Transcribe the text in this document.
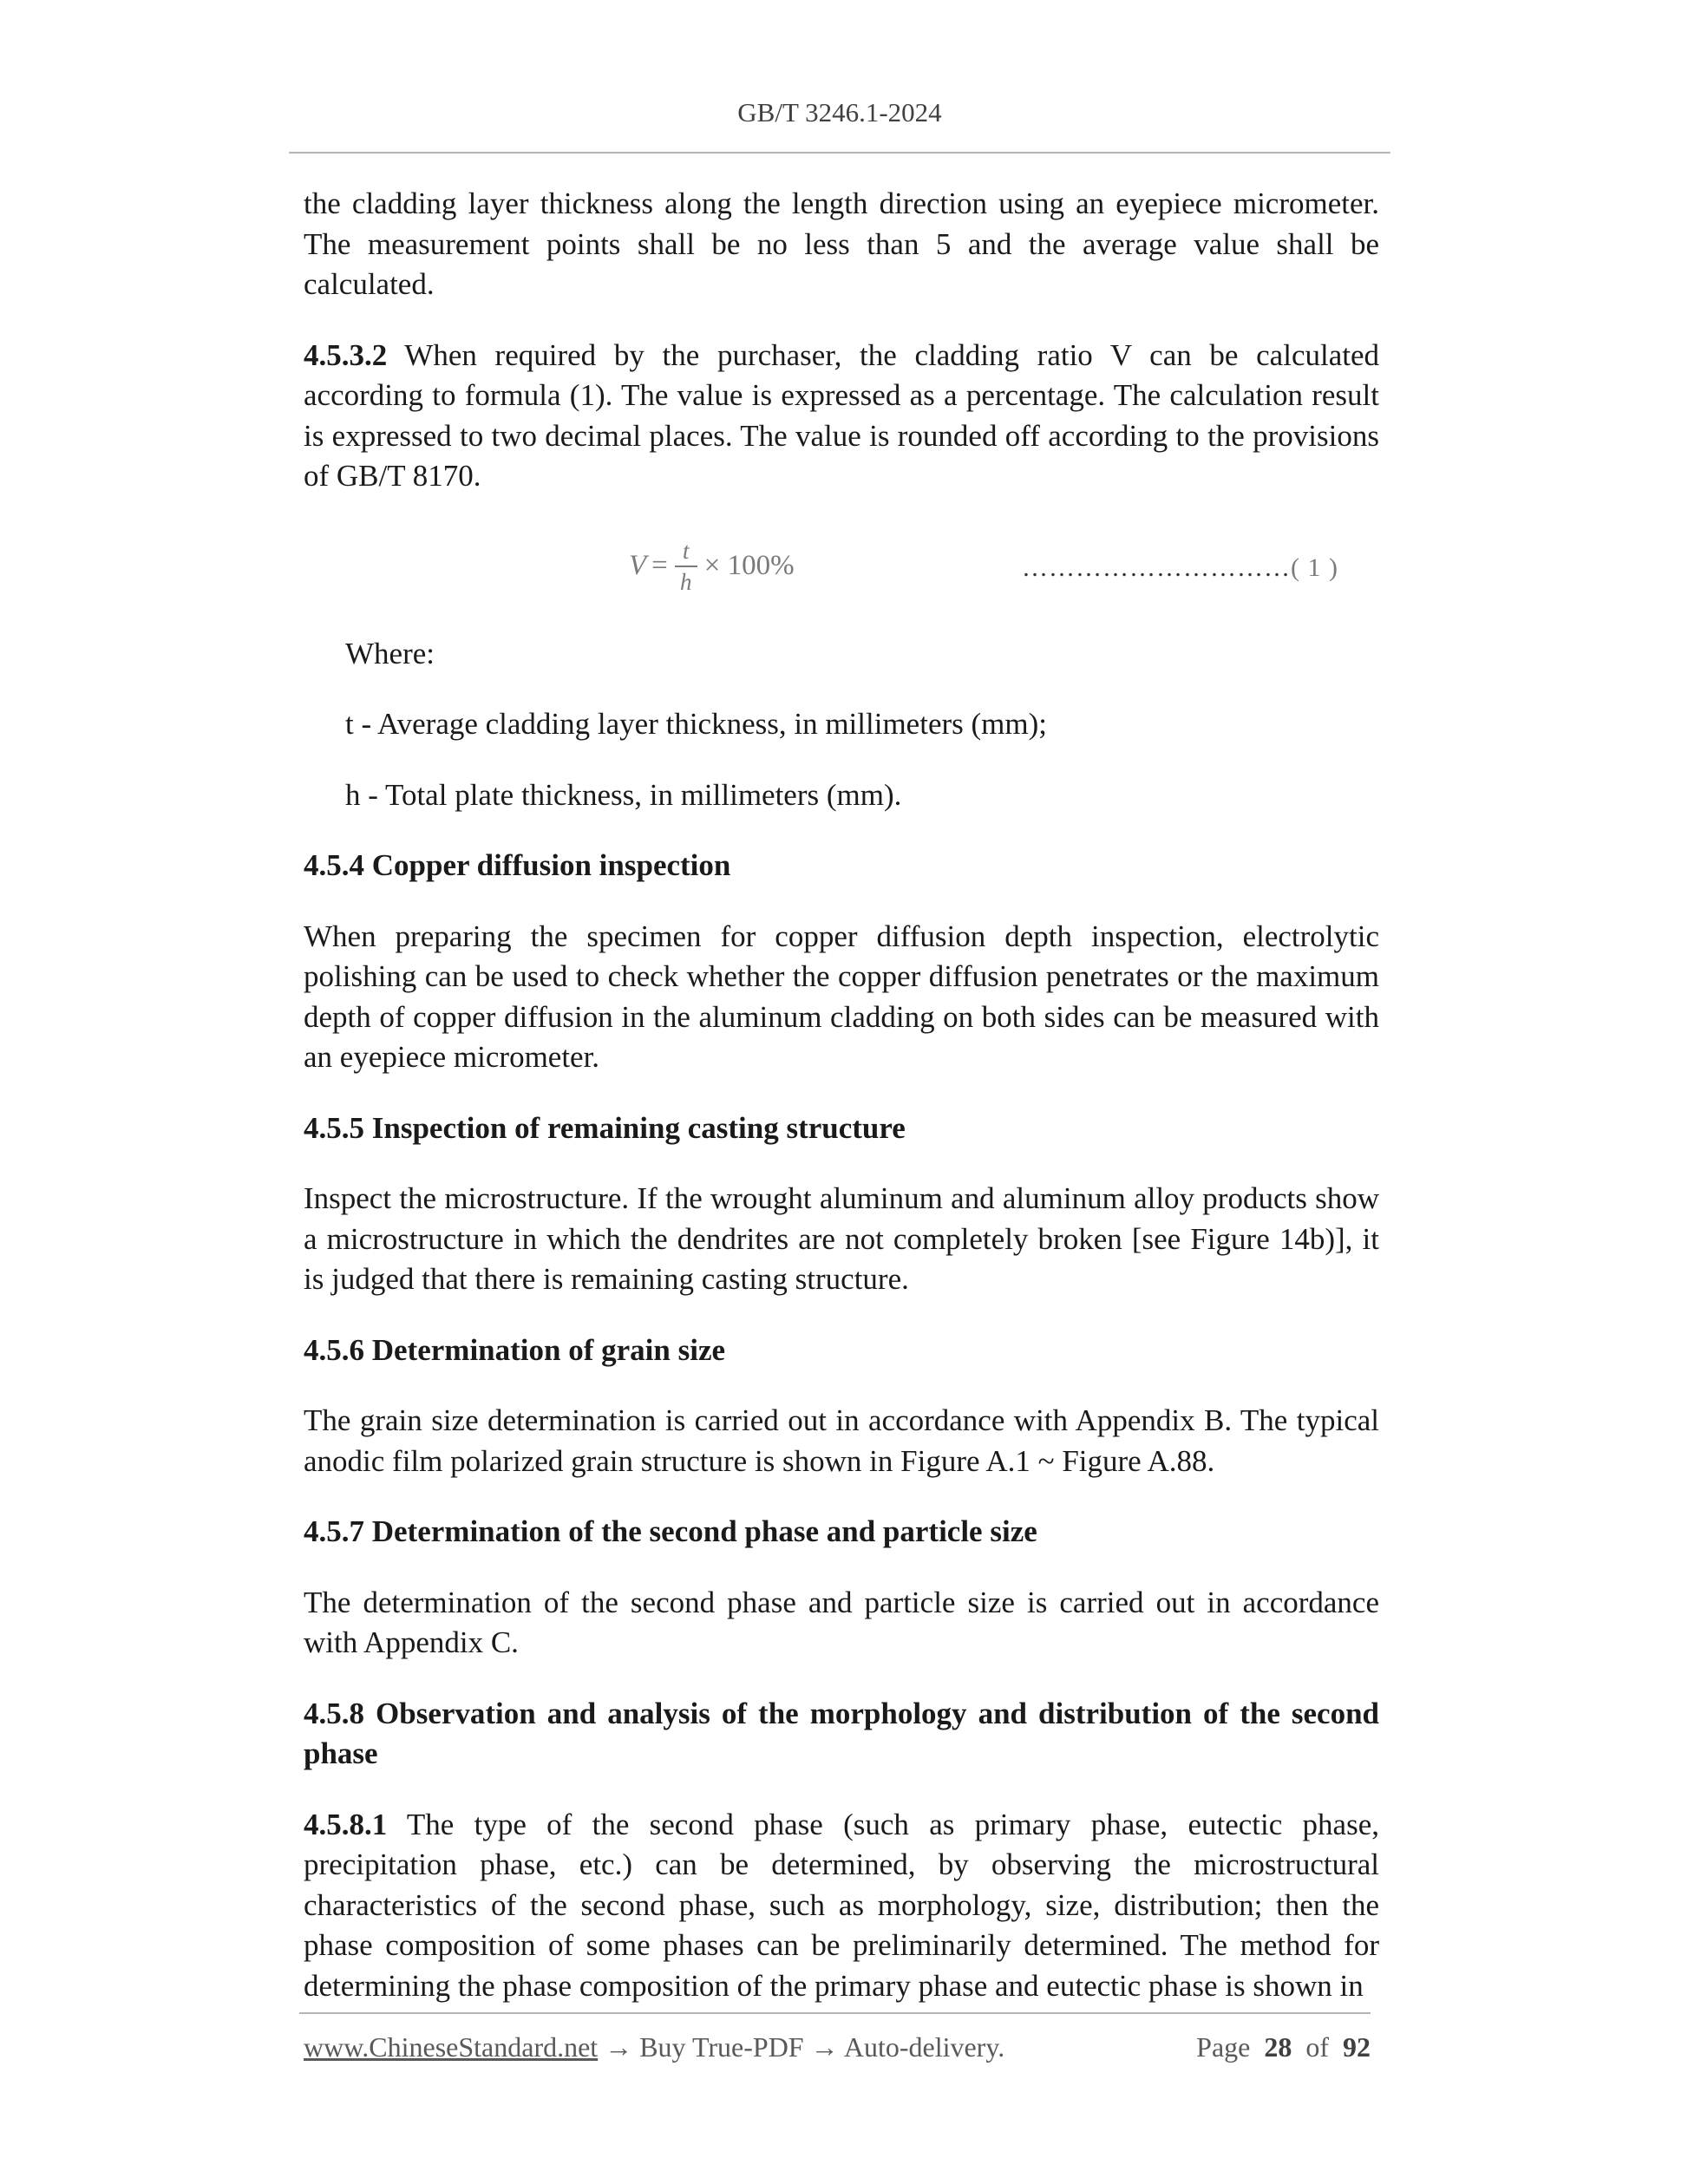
GB/T 3246.1-2024

the cladding layer thickness along the length direction using an eyepiece micrometer. The measurement points shall be no less than 5 and the average value shall be calculated.

4.5.3.2 When required by the purchaser, the cladding ratio V can be calculated according to formula (1). The value is expressed as a percentage. The calculation result is expressed to two decimal places. The value is rounded off according to the provisions of GB/T 8170.

$V = \frac{t}{h} \times 100\%$	…………………………( 1 )

Where:

t - Average cladding layer thickness, in millimeters (mm);

h - Total plate thickness, in millimeters (mm).

4.5.4 Copper diffusion inspection

When preparing the specimen for copper diffusion depth inspection, electrolytic polishing can be used to check whether the copper diffusion penetrates or the maximum depth of copper diffusion in the aluminum cladding on both sides can be measured with an eyepiece micrometer.

4.5.5 Inspection of remaining casting structure

Inspect the microstructure. If the wrought aluminum and aluminum alloy products show a microstructure in which the dendrites are not completely broken [see Figure 14b)], it is judged that there is remaining casting structure.

4.5.6 Determination of grain size

The grain size determination is carried out in accordance with Appendix B. The typical anodic film polarized grain structure is shown in Figure A.1 ~ Figure A.88.

4.5.7 Determination of the second phase and particle size

The determination of the second phase and particle size is carried out in accordance with Appendix C.

4.5.8 Observation and analysis of the morphology and distribution of the second phase

4.5.8.1 The type of the second phase (such as primary phase, eutectic phase, precipitation phase, etc.) can be determined, by observing the microstructural characteristics of the second phase, such as morphology, size, distribution; then the phase composition of some phases can be preliminarily determined. The method for determining the phase composition of the primary phase and eutectic phase is shown in

www.ChineseStandard.net → Buy True-PDF → Auto-delivery.	Page 28 of 92
